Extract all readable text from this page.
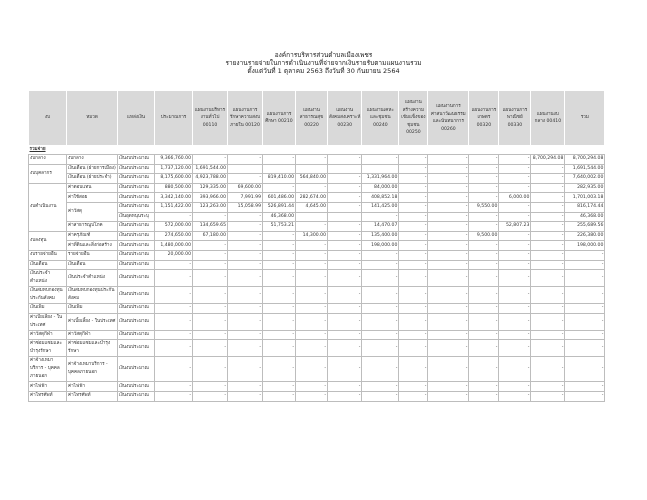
องค์การบริหารส่วนตำบลเมืองเพชร
รายงานรายจ่ายในการดำเนินงานที่จ่ายจากเงินรายรับตามแผนงานรวม
ตั้งแต่วันที่ 1 ตุลาคม 2563 ถึงวันที่ 30 กันยายน 2564
งบ	หมวด	แหล่งเงิน	ประมาณการ	แผนงานบริหารงานทั่วไป 00110	แผนงานการรักษาความสงบภายใน 00120	แผนงานการศึกษา 00210	แผนงานสาธารณสุข 00220	แผนงานสังคมสงเคราะห์ 00230	แผนงานเคหะและชุมชน 00240	แผนงานสร้างความเข้มแข็งของชุมชน 00250	แผนงานการศาสนาวัฒนธรรม และนันทนาการ 00260	แผนงานการเกษตร 00320	แผนงานการพาณิชย์ 00330	แผนงานงบกลาง 00410	รวม
รวมจ่าย															
งบกลาง	งบกลาง	เงินงบประมาณ	9,366,760.00	-	-	-	-	-	-	-	-	-	-	8,700,294.08	8,700,294.08
งบบุคลากร	เงินเดือน (ฝ่ายการเมือง)	เงินงบประมาณ	1,737,120.00	1,691,544.00						-	-	-	-	-	1,691,544.00
	เงินเดือน (ฝ่ายประจำ)	เงินงบประมาณ	8,175,600.00	4,923,788.00	-	819,410.00	564,840.00	-	1,331,964.00	-	-	-	-	-	7,640,002.00
งบดำเนินงาน	ค่าตอบแทน	เงินงบประมาณ	880,500.00	129,335.00	69,600.00	-	-	-	84,000.00	-	-	-	-	-	282,935.00
	ค่าใช้สอย	เงินงบประมาณ	3,342,140.00	393,966.00	7,991.99	601,486.00	282,674.00	-	408,852.18	-	-	-	6,000.00	-	1,701,003.18
	ค่าวัสดุ	เงินงบประมาณ	1,151,422.00	123,263.00	15,058.99	526,891.44	4,645.00	-	141,425.00	-	-	9,550.00	-	-	816,174.44
		เงินอุดหนุนระบุ	-	-	-	46,368.00			-	-	-	-	-	-	46,368.00
	ค่าสาธารณูปโภค	เงินงบประมาณ	572,000.00	134,659.65	-	51,753.21	-	-	14,470.07	-	-	-	52,807.23	-	255,689.56
งบลงทุน	ค่าครุภัณฑ์	เงินงบประมาณ	274,650.00	67,180.00	-	-	14,300.00	-	135,400.00	-	-	9,500.00	-	-	226,380.00
	ค่าที่ดินและสิ่งก่อสร้าง	เงินงบประมาณ	1,480,000.00	-	-	-	-	-	198,000.00	-	-	-	-	-	198,000.00
งบรายจ่ายอื่น	รายจ่ายอื่น	เงินงบประมาณ	20,000.00	-	-	-	-	-	-	-	-	-	-	-	-
เงินเดือน	เงินเดือน	เงินงบประมาณ	-	-	-	-	-	-	-	-	-	-	-	-	-
เงินประจำตำแหน่ง	เงินประจำตำแหน่ง	เงินงบประมาณ	-	-	-	-	-	-	-	-	-	-	-	-	-
เงินสมทบกองทุนประกันสังคม	เงินสมทบกองทุนประกันสังคม	เงินงบประมาณ	-	-	-	-	-	-	-	-	-	-	-	-	-
เงินเพิ่ม	เงินเพิ่ม	เงินงบประมาณ	-	-	-	-	-	-	-	-	-	-	-	-	-
ค่าเบี้ยเลี้ยง - ในประเทศ	ค่าเบี้ยเลี้ยง - ในประเทศ	เงินงบประมาณ	-	-	-	-	-	-	-	-	-	-	-	-	-
ค่าวัสดุกีฬา	ค่าวัสดุกีฬา	เงินงบประมาณ	-	-	-	-	-	-	-	-	-	-	-	-	-
ค่าซ่อมแซมและบำรุงรักษา	ค่าซ่อมแซมและบำรุงรักษา	เงินงบประมาณ	-	-	-	-	-	-	-	-	-	-	-	-	-
ค่าจ้างเหมาบริการ - บุคคลภายนอก	ค่าจ้างเหมาบริการ - บุคคลภายนอก	เงินงบประมาณ	-	-	-	-	-	-	-	-	-	-	-	-	-
ค่าไฟฟ้า	ค่าไฟฟ้า	เงินงบประมาณ	-	-	-	-	-	-	-	-	-	-	-	-	-
ค่าโทรศัพท์	ค่าโทรศัพท์	เงินงบประมาณ	-	-	-	-	-	-	-	-	-	-	-	-	-
